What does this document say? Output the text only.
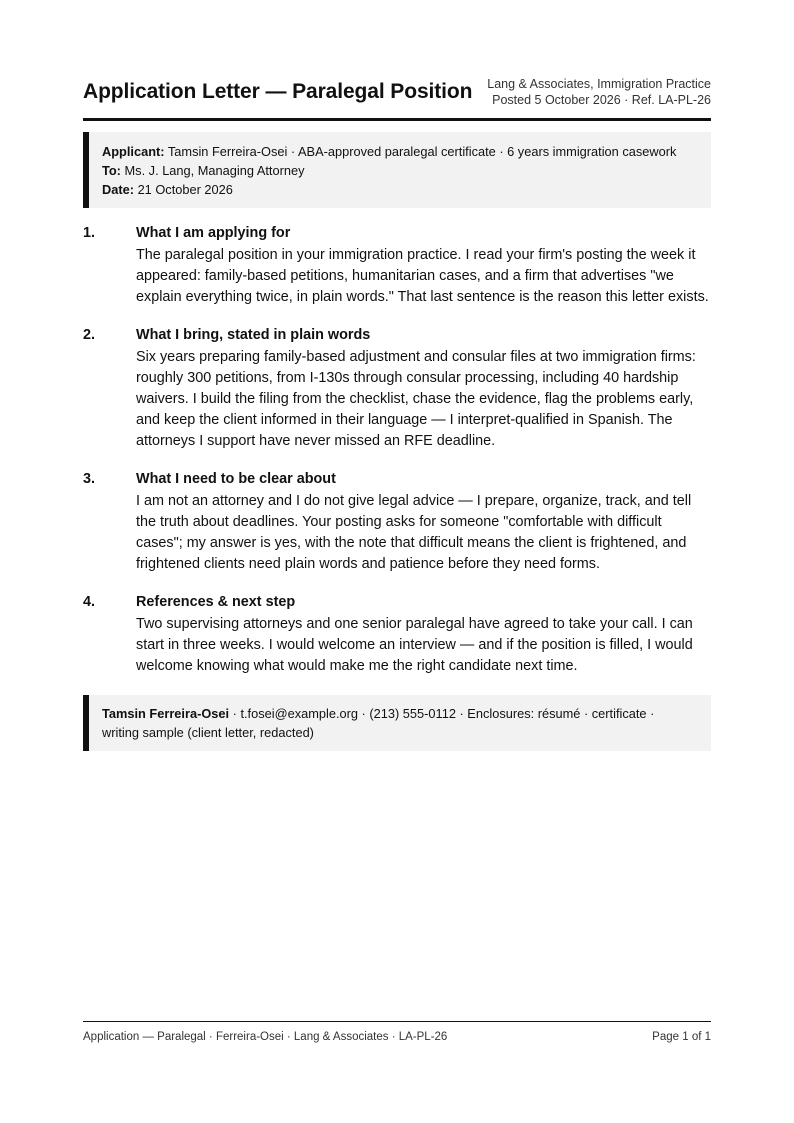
Application Letter — Paralegal Position Lang & Associates, Immigration Practice
Posted 5 October 2026 · Ref. LA-PL-26
Applicant: Tamsin Ferreira-Osei · ABA-approved paralegal certificate · 6 years immigration casework
To: Ms. J. Lang, Managing Attorney
Date: 21 October 2026
1.	What I am applying for
The paralegal position in your immigration practice. I read your firm's posting the week it appeared: family-based petitions, humanitarian cases, and a firm that advertises "we explain everything twice, in plain words." That last sentence is the reason this letter exists.
2.	What I bring, stated in plain words
Six years preparing family-based adjustment and consular files at two immigration firms: roughly 300 petitions, from I-130s through consular processing, including 40 hardship waivers. I build the filing from the checklist, chase the evidence, flag the problems early, and keep the client informed in their language — I interpret-qualified in Spanish. The attorneys I support have never missed an RFE deadline.
3.	What I need to be clear about
I am not an attorney and I do not give legal advice — I prepare, organize, track, and tell the truth about deadlines. Your posting asks for someone "comfortable with difficult cases"; my answer is yes, with the note that difficult means the client is frightened, and frightened clients need plain words and patience before they need forms.
4.	References & next step
Two supervising attorneys and one senior paralegal have agreed to take your call. I can start in three weeks. I would welcome an interview — and if the position is filled, I would welcome knowing what would make me the right candidate next time.
Tamsin Ferreira-Osei · t.fosei@example.org · (213) 555-0112 · Enclosures: résumé · certificate · writing sample (client letter, redacted)
Application — Paralegal · Ferreira-Osei · Lang & Associates · LA-PL-26	Page 1 of 1
